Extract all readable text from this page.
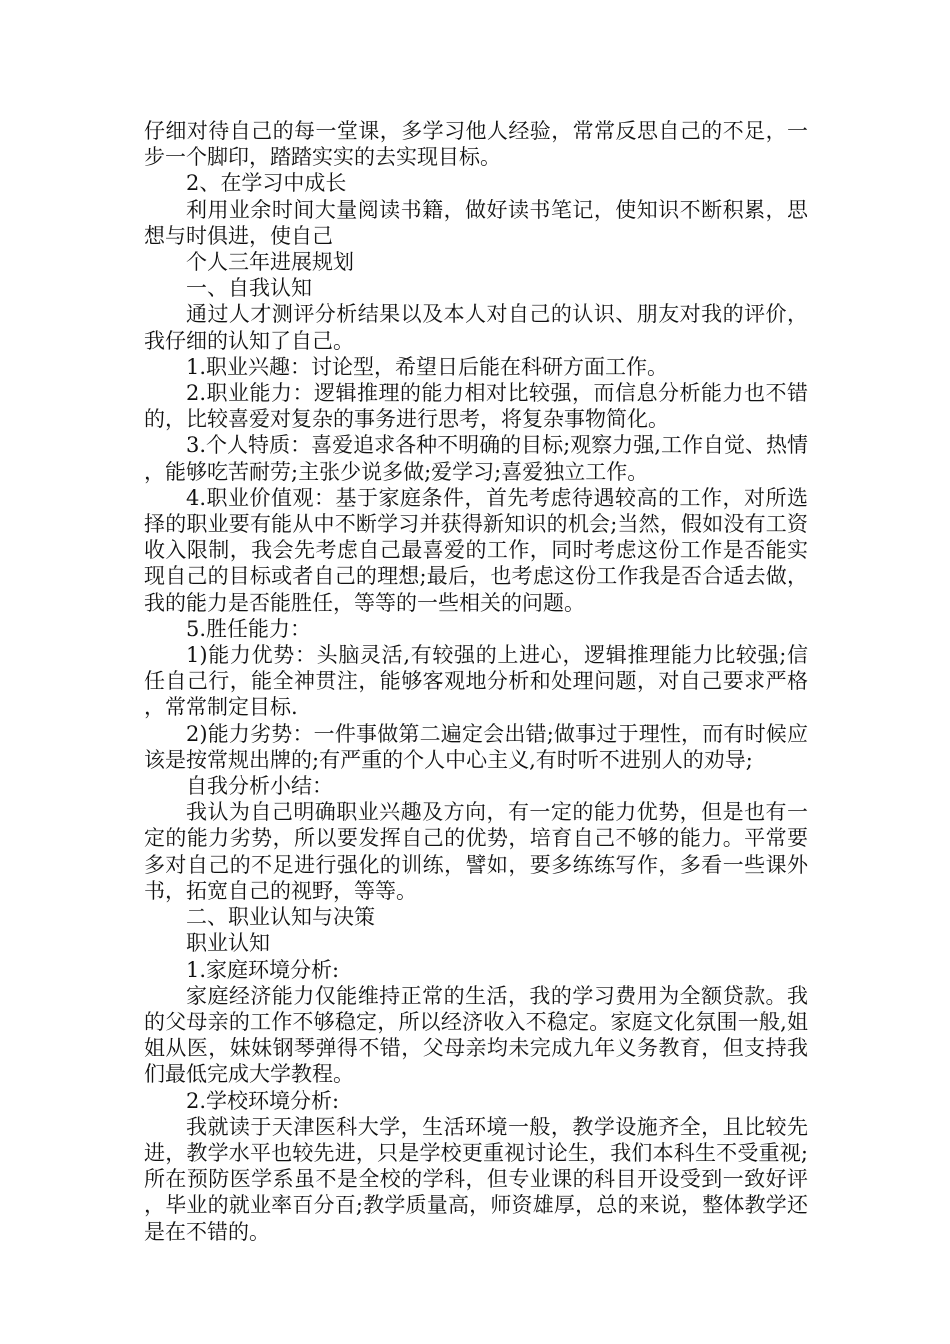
仔细对待自己的每一堂课，多学习他人经验，常常反思自己的不足，一步一个脚印，踏踏实实的去实现目标。

2、在学习中成长

利用业余时间大量阅读书籍，做好读书笔记，使知识不断积累，思想与时俱进，使自己

个人三年进展规划

一、自我认知

通过人才测评分析结果以及本人对自己的认识、朋友对我的评价，我仔细的认知了自己。

1.职业兴趣：讨论型，希望日后能在科研方面工作。

2.职业能力：逻辑推理的能力相对比较强，而信息分析能力也不错的，比较喜爱对复杂的事务进行思考，将复杂事物简化。

3.个人特质：喜爱追求各种不明确的目标;观察力强,工作自觉、热情，能够吃苦耐劳;主张少说多做;爱学习;喜爱独立工作。

4.职业价值观：基于家庭条件，首先考虑待遇较高的工作，对所选择的职业要有能从中不断学习并获得新知识的机会;当然，假如没有工资收入限制，我会先考虑自己最喜爱的工作，同时考虑这份工作是否能实现自己的目标或者自己的理想;最后，也考虑这份工作我是否合适去做，我的能力是否能胜任，等等的一些相关的问题。

5.胜任能力：

1)能力优势：头脑灵活,有较强的上进心，逻辑推理能力比较强;信任自己行，能全神贯注，能够客观地分析和处理问题，对自己要求严格，常常制定目标.

2)能力劣势：一件事做第二遍定会出错;做事过于理性，而有时候应该是按常规出牌的;有严重的个人中心主义,有时听不进别人的劝导;

自我分析小结：

我认为自己明确职业兴趣及方向，有一定的能力优势，但是也有一定的能力劣势，所以要发挥自己的优势，培育自己不够的能力。平常要多对自己的不足进行强化的训练，譬如，要多练练写作，多看一些课外书，拓宽自己的视野，等等。

二、职业认知与决策

职业认知

1.家庭环境分析:

家庭经济能力仅能维持正常的生活，我的学习费用为全额贷款。我的父母亲的工作不够稳定，所以经济收入不稳定。家庭文化氛围一般,姐姐从医，妹妹钢琴弹得不错，父母亲均未完成九年义务教育，但支持我们最低完成大学教程。

2.学校环境分析:

我就读于天津医科大学，生活环境一般，教学设施齐全，且比较先进，教学水平也较先进，只是学校更重视讨论生，我们本科生不受重视;所在预防医学系虽不是全校的学科，但专业课的科目开设受到一致好评，毕业的就业率百分百;教学质量高，师资雄厚，总的来说，整体教学还是在不错的。
